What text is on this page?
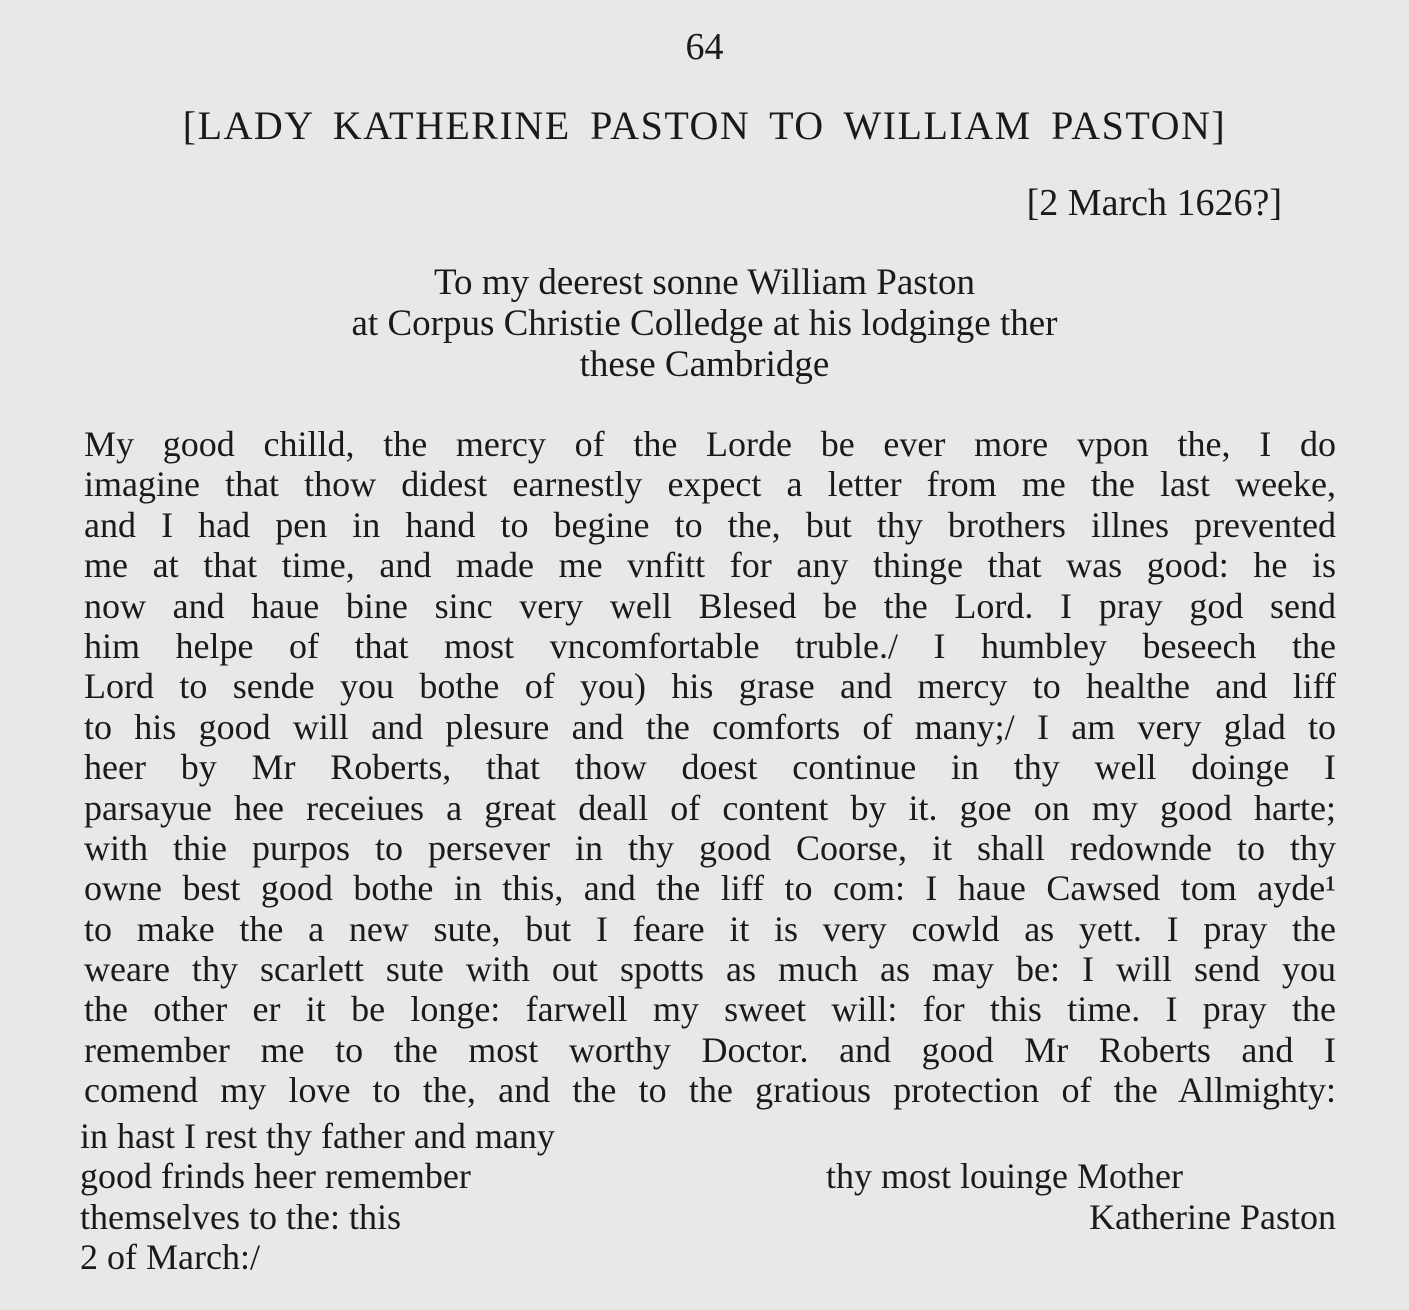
64
[LADY KATHERINE PASTON TO WILLIAM PASTON]
[2 March 1626?]
To my deerest sonne William Paston
at Corpus Christie Colledge at his lodginge ther
these Cambridge
My good chilld, the mercy of the Lorde be ever more vpon the, I do
imagine that thow didest earnestly expect a letter from me the last weeke,
and I had pen in hand to begine to the, but thy brothers illnes prevented
me at that time, and made me vnfitt for any thinge that was good: he is
now and haue bine sinc very well Blesed be the Lord. I pray god send
him helpe of that most vncomfortable truble./ I humbley beseech the
Lord to sende you bothe of you) his grase and mercy to healthe and liff
to his good will and plesure and the comforts of many;/ I am very glad to
heer by Mr Roberts, that thow doest continue in thy well doinge I
parsayue hee receiues a great deall of content by it. goe on my good harte;
with thie purpos to persever in thy good Coorse, it shall redownde to thy
owne best good bothe in this, and the liff to com: I haue Cawsed tom ayde¹
to make the a new sute, but I feare it is very cowld as yett. I pray the
weare thy scarlett sute with out spotts as much as may be: I will send you
the other er it be longe: farwell my sweet will: for this time. I pray the
remember me to the most worthy Doctor. and good Mr Roberts and I
comend my love to the, and the to the gratious protection of the Allmighty:
in hast I rest thy father and many
good frinds heer remember
themselves to the: this
2 of March:/
thy most louinge Mother
Katherine Paston
